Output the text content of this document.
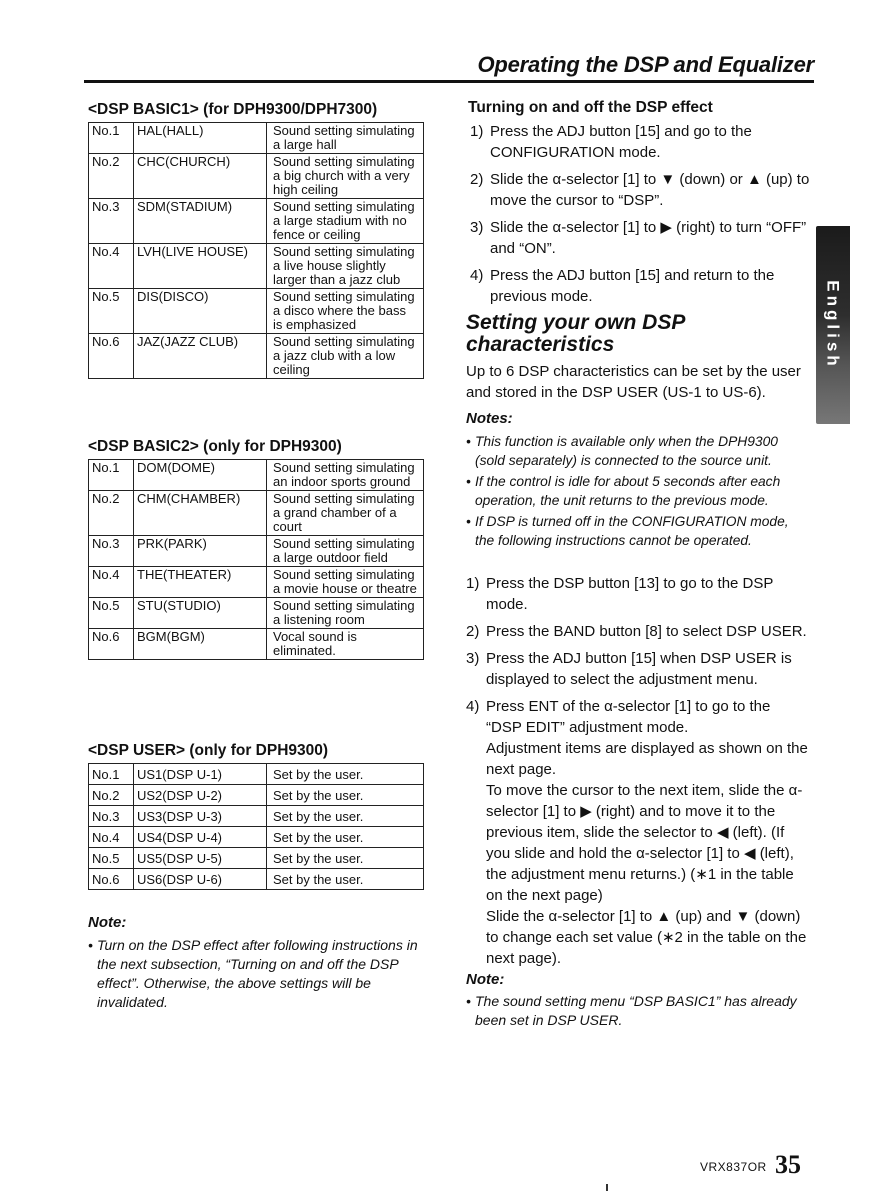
Operating the DSP and Equalizer
<DSP BASIC1> (for DPH9300/DPH7300)
No.1	HAL(HALL)	Sound setting simulating a large hall
No.2	CHC(CHURCH)	Sound setting simulating a big church with a very high ceiling
No.3	SDM(STADIUM)	Sound setting simulating a large stadium with no fence or ceiling
No.4	LVH(LIVE HOUSE)	Sound setting simulating a live house slightly larger than a jazz club
No.5	DIS(DISCO)	Sound setting simulating a disco where the bass is emphasized
No.6	JAZ(JAZZ CLUB)	Sound setting simulating a jazz club with a low ceiling
<DSP BASIC2> (only for DPH9300)
No.1	DOM(DOME)	Sound setting simulating an indoor sports ground
No.2	CHM(CHAMBER)	Sound setting simulating a grand chamber of a court
No.3	PRK(PARK)	Sound setting simulating a large outdoor field
No.4	THE(THEATER)	Sound setting simulating a movie house or theatre
No.5	STU(STUDIO)	Sound setting simulating a listening room
No.6	BGM(BGM)	Vocal sound is eliminated.
<DSP USER> (only for DPH9300)
No.1	US1(DSP U-1)	Set by the user.
No.2	US2(DSP U-2)	Set by the user.
No.3	US3(DSP U-3)	Set by the user.
No.4	US4(DSP U-4)	Set by the user.
No.5	US5(DSP U-5)	Set by the user.
No.6	US6(DSP U-6)	Set by the user.
Note:
• Turn on the DSP effect after following instructions in the next subsection, “Turning on and off the DSP effect”. Otherwise, the above settings will be invalidated.
Turning on and off the DSP effect
1) Press the ADJ button [15] and go to the CONFIGURATION mode.
2) Slide the α-selector [1] to ▼ (down) or ▲ (up) to move the cursor to “DSP”.
3) Slide the α-selector [1] to ▶ (right) to turn “OFF” and “ON”.
4) Press the ADJ button [15] and return to the previous mode.
Setting your own DSP characteristics
Up to 6 DSP characteristics can be set by the user and stored in the DSP USER (US-1 to US-6).
Notes:
• This function is available only when the DPH9300 (sold separately) is connected to the source unit.
• If the control is idle for about 5 seconds after each operation, the unit returns to the previous mode.
• If DSP is turned off in the CONFIGURATION mode, the following instructions cannot be operated.
1) Press the DSP button [13] to go to the DSP mode.
2) Press the BAND button [8] to select DSP USER.
3) Press the ADJ button [15] when DSP USER is displayed to select the adjustment menu.
4) Press ENT of the α-selector [1] to go to the “DSP EDIT” adjustment mode.
Adjustment items are displayed as shown on the next page.
To move the cursor to the next item, slide the α-selector [1] to ▶ (right) and to move it to the previous item, slide the selector to ◀ (left). (If you slide and hold the α-selector [1] to ◀ (left), the adjustment menu returns.) (∗1 in the table on the next page)
Slide the α-selector [1] to ▲ (up) and ▼ (down) to change each set value (∗2 in the table on the next page).
Note:
• The sound setting menu “DSP BASIC1” has already been set in DSP USER.
English
VRX837OR 35
